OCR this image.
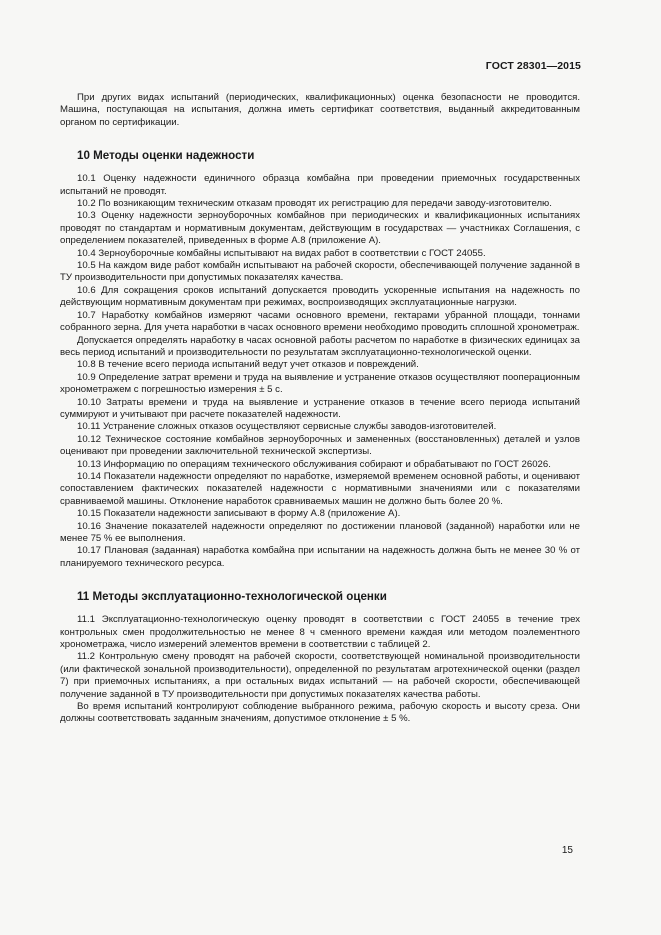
ГОСТ 28301—2015

При других видах испытаний (периодических, квалификационных) оценка безопасности не проводится. Машина, поступающая на испытания, должна иметь сертификат соответствия, выданный аккредитованным органом по сертификации.

10 Методы оценки надежности

10.1 Оценку надежности единичного образца комбайна при проведении приемочных государственных испытаний не проводят.

10.2 По возникающим техническим отказам проводят их регистрацию для передачи заводу-изготовителю.

10.3 Оценку надежности зерноуборочных комбайнов при периодических и квалификационных испытаниях проводят по стандартам и нормативным документам, действующим в государствах — участниках Соглашения, с определением показателей, приведенных в форме А.8 (приложение А).

10.4 Зерноуборочные комбайны испытывают на видах работ в соответствии с ГОСТ 24055.

10.5 На каждом виде работ комбайн испытывают на рабочей скорости, обеспечивающей получение заданной в ТУ производительности при допустимых показателях качества.

10.6 Для сокращения сроков испытаний допускается проводить ускоренные испытания на надежность по действующим нормативным документам при режимах, воспроизводящих эксплуатационные нагрузки.

10.7 Наработку комбайнов измеряют часами основного времени, гектарами убранной площади, тоннами собранного зерна. Для учета наработки в часах основного времени необходимо проводить сплошной хронометраж.

Допускается определять наработку в часах основной работы расчетом по наработке в физических единицах за весь период испытаний и производительности по результатам эксплуатационно-технологической оценки.

10.8 В течение всего периода испытаний ведут учет отказов и повреждений.

10.9 Определение затрат времени и труда на выявление и устранение отказов осуществляют пооперационным хронометражем с погрешностью измерения ± 5 с.

10.10 Затраты времени и труда на выявление и устранение отказов в течение всего периода испытаний суммируют и учитывают при расчете показателей надежности.

10.11 Устранение сложных отказов осуществляют сервисные службы заводов-изготовителей.

10.12 Техническое состояние комбайнов зерноуборочных и замененных (восстановленных) деталей и узлов оценивают при проведении заключительной технической экспертизы.

10.13 Информацию по операциям технического обслуживания собирают и обрабатывают по ГОСТ 26026.

10.14 Показатели надежности определяют по наработке, измеряемой временем основной работы, и оценивают сопоставлением фактических показателей надежности с нормативными значениями или с показателями сравниваемой машины. Отклонение наработок сравниваемых машин не должно быть более 20 %.

10.15 Показатели надежности записывают в форму А.8 (приложение А).

10.16 Значение показателей надежности определяют по достижении плановой (заданной) наработки или не менее 75 % ее выполнения.

10.17 Плановая (заданная) наработка комбайна при испытании на надежность должна быть не менее 30 % от планируемого технического ресурса.

11 Методы эксплуатационно-технологической оценки

11.1 Эксплуатационно-технологическую оценку проводят в соответствии с ГОСТ 24055 в течение трех контрольных смен продолжительностью не менее 8 ч сменного времени каждая или методом поэлементного хронометража, число измерений элементов времени в соответствии с таблицей 2.

11.2 Контрольную смену проводят на рабочей скорости, соответствующей номинальной производительности (или фактической зональной производительности), определенной по результатам агротехнической оценки (раздел 7) при приемочных испытаниях, а при остальных видах испытаний — на рабочей скорости, обеспечивающей получение заданной в ТУ производительности при допустимых показателях качества работы.

Во время испытаний контролируют соблюдение выбранного режима, рабочую скорость и высоту среза. Они должны соответствовать заданным значениям, допустимое отклонение ± 5 %.

15
